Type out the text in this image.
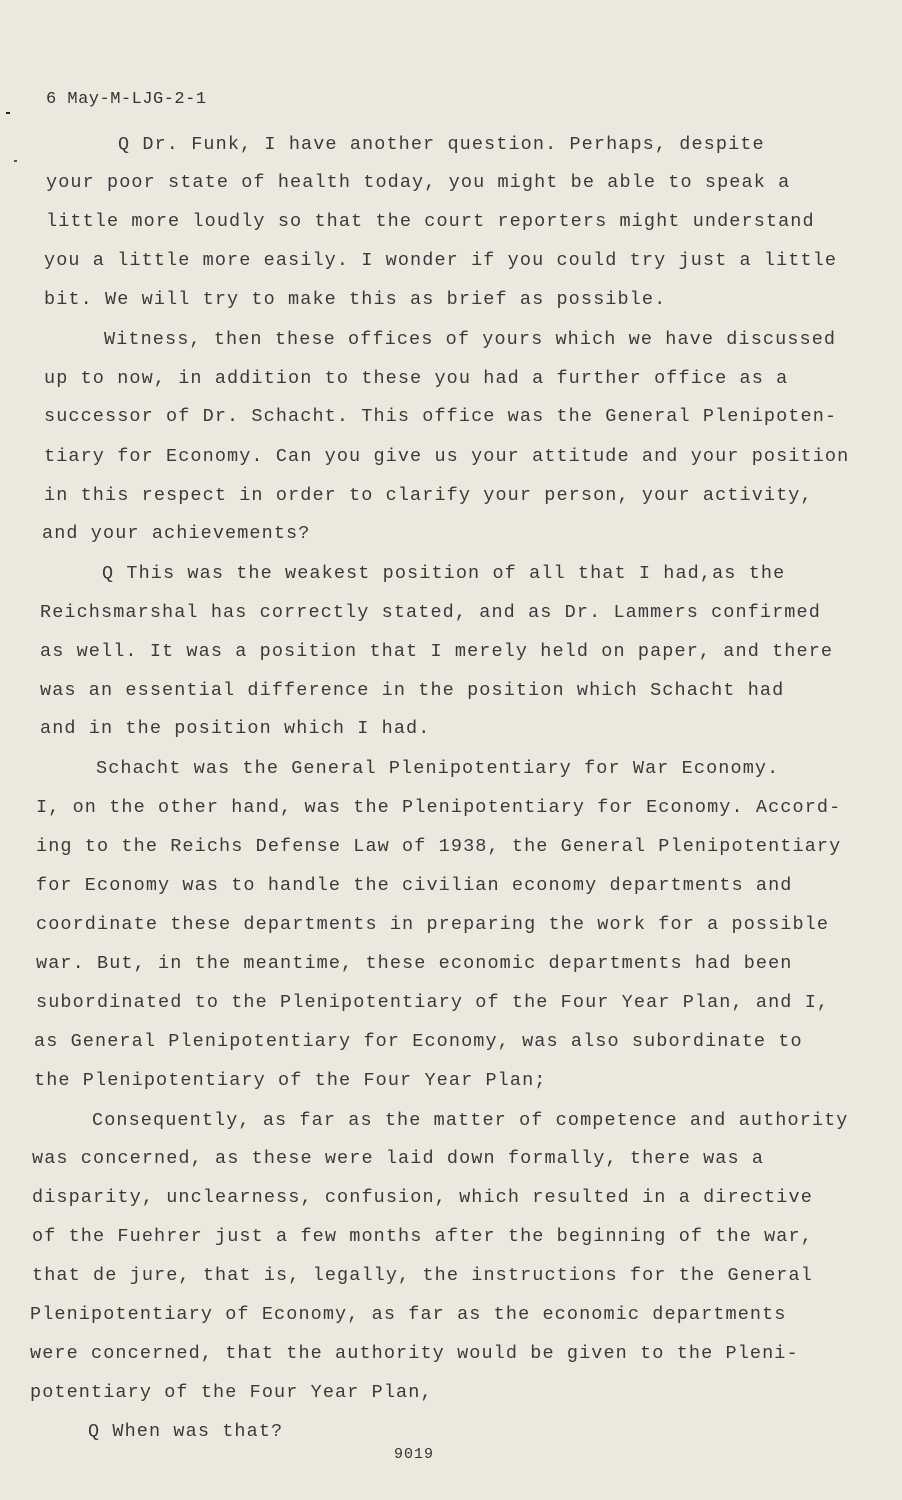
6 May-M-LJG-2-1
Q Dr. Funk, I have another question. Perhaps, despite
your poor state of health today, you might be able to speak a
little more loudly so that the court reporters might understand
you a little more easily. I wonder if you could try just a little
bit. We will try to make this as brief as possible.
Witness, then these offices of yours which we have discussed
up to now, in addition to these you had a further office as a
successor of Dr. Schacht. This office was the General Plenipoten-
tiary for Economy. Can you give us your attitude and your position
in this respect in order to clarify your person, your activity,
and your achievements?
Q This was the weakest position of all that I had,as the
Reichsmarshal has correctly stated, and as Dr. Lammers confirmed
as well. It was a position that I merely held on paper, and there
was an essential difference in the position which Schacht had
and in the position which I had.
Schacht was the General Plenipotentiary for War Economy.
I, on the other hand, was the Plenipotentiary for Economy. Accord-
ing to the Reichs Defense Law of 1938, the General Plenipotentiary
for Economy was to handle the civilian economy departments and
coordinate these departments in preparing the work for a possible
war. But, in the meantime, these economic departments had been
subordinated to the Plenipotentiary of the Four Year Plan, and I,
as General Plenipotentiary for Economy, was also subordinate to
the Plenipotentiary of the Four Year Plan;
Consequently, as far as the matter of competence and authority
was concerned, as these were laid down formally, there was a
disparity, unclearness, confusion, which resulted in a directive
of the Fuehrer just a few months after the beginning of the war,
that de jure, that is, legally, the instructions for the General
Plenipotentiary of Economy, as far as the economic departments
were concerned, that the authority would be given to the Pleni-
potentiary of the Four Year Plan,
Q When was that?
9019
